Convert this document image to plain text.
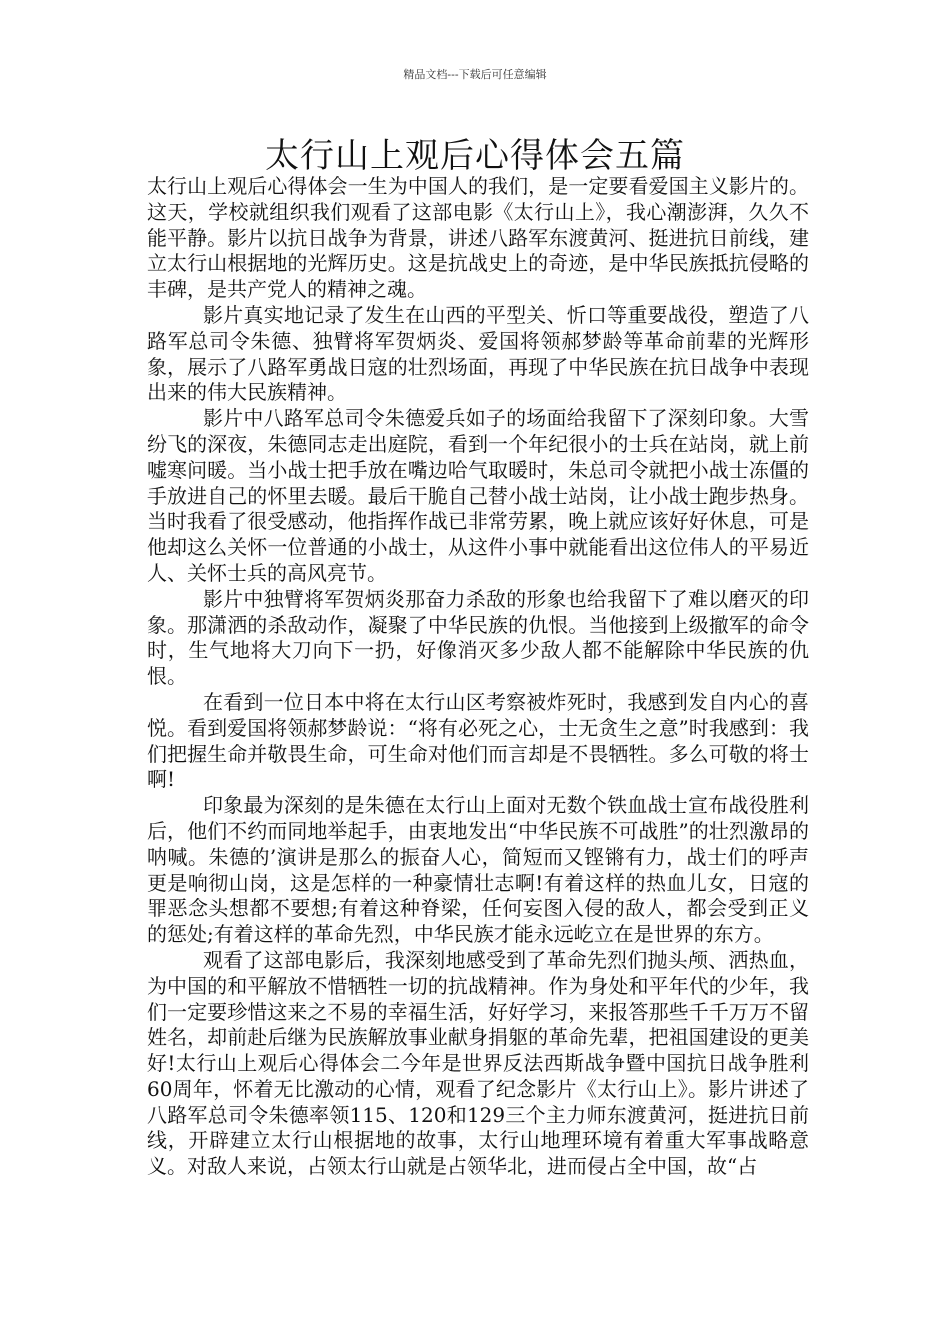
精品文档---下载后可任意编辑
太行山上观后心得体会五篇

太行山上观后心得体会一生为中国人的我们，是一定要看爱国主义影片的。这天，学校就组织我们观看了这部电影《太行山上》，我心潮澎湃，久久不能平静。影片以抗日战争为背景，讲述八路军东渡黄河、挺进抗日前线，建立太行山根据地的光辉历史。这是抗战史上的奇迹，是中华民族抵抗侵略的丰碑，是共产党人的精神之魂。

影片真实地记录了发生在山西的平型关、忻口等重要战役，塑造了八路军总司令朱德、独臂将军贺炳炎、爱国将领郝梦龄等革命前辈的光辉形象，展示了八路军勇战日寇的壮烈场面，再现了中华民族在抗日战争中表现出来的伟大民族精神。

影片中八路军总司令朱德爱兵如子的场面给我留下了深刻印象。大雪纷飞的深夜，朱德同志走出庭院，看到一个年纪很小的士兵在站岗，就上前嘘寒问暖。当小战士把手放在嘴边哈气取暖时，朱总司令就把小战士冻僵的手放进自己的怀里去暖。最后干脆自己替小战士站岗，让小战士跑步热身。当时我看了很受感动，他指挥作战已非常劳累，晚上就应该好好休息，可是他却这么关怀一位普通的小战士，从这件小事中就能看出这位伟人的平易近人、关怀士兵的高风亮节。

影片中独臂将军贺炳炎那奋力杀敌的形象也给我留下了难以磨灭的印象。那潇洒的杀敌动作，凝聚了中华民族的仇恨。当他接到上级撤军的命令时，生气地将大刀向下一扔，好像消灭多少敌人都不能解除中华民族的仇恨。

在看到一位日本中将在太行山区考察被炸死时，我感到发自内心的喜悦。看到爱国将领郝梦龄说：“将有必死之心，士无贪生之意”时我感到：我们把握生命并敬畏生命，可生命对他们而言却是不畏牺牲。多么可敬的将士啊!

印象最为深刻的是朱德在太行山上面对无数个铁血战士宣布战役胜利后，他们不约而同地举起手，由衷地发出“中华民族不可战胜”的壮烈激昂的呐喊。朱德的’演讲是那么的振奋人心，简短而又铿锵有力，战士们的呼声更是响彻山岗，这是怎样的一种豪情壮志啊!有着这样的热血儿女，日寇的罪恶念头想都不要想;有着这种脊梁，任何妄图入侵的敌人，都会受到正义的惩处;有着这样的革命先烈，中华民族才能永远屹立在是世界的东方。

观看了这部电影后，我深刻地感受到了革命先烈们抛头颅、洒热血，为中国的和平解放不惜牺牲一切的抗战精神。作为身处和平年代的少年，我们一定要珍惜这来之不易的幸福生活，好好学习，来报答那些千千万万不留姓名，却前赴后继为民族解放事业献身捐躯的革命先辈，把祖国建设的更美好!太行山上观后心得体会二今年是世界反法西斯战争暨中国抗日战争胜利60周年，怀着无比激动的心情，观看了纪念影片《太行山上》。影片讲述了八路军总司令朱德率领115、120和129三个主力师东渡黄河，挺进抗日前线，开辟建立太行山根据地的故事，太行山地理环境有着重大军事战略意义。对敌人来说，占领太行山就是占领华北，进而侵占全中国，故“占
